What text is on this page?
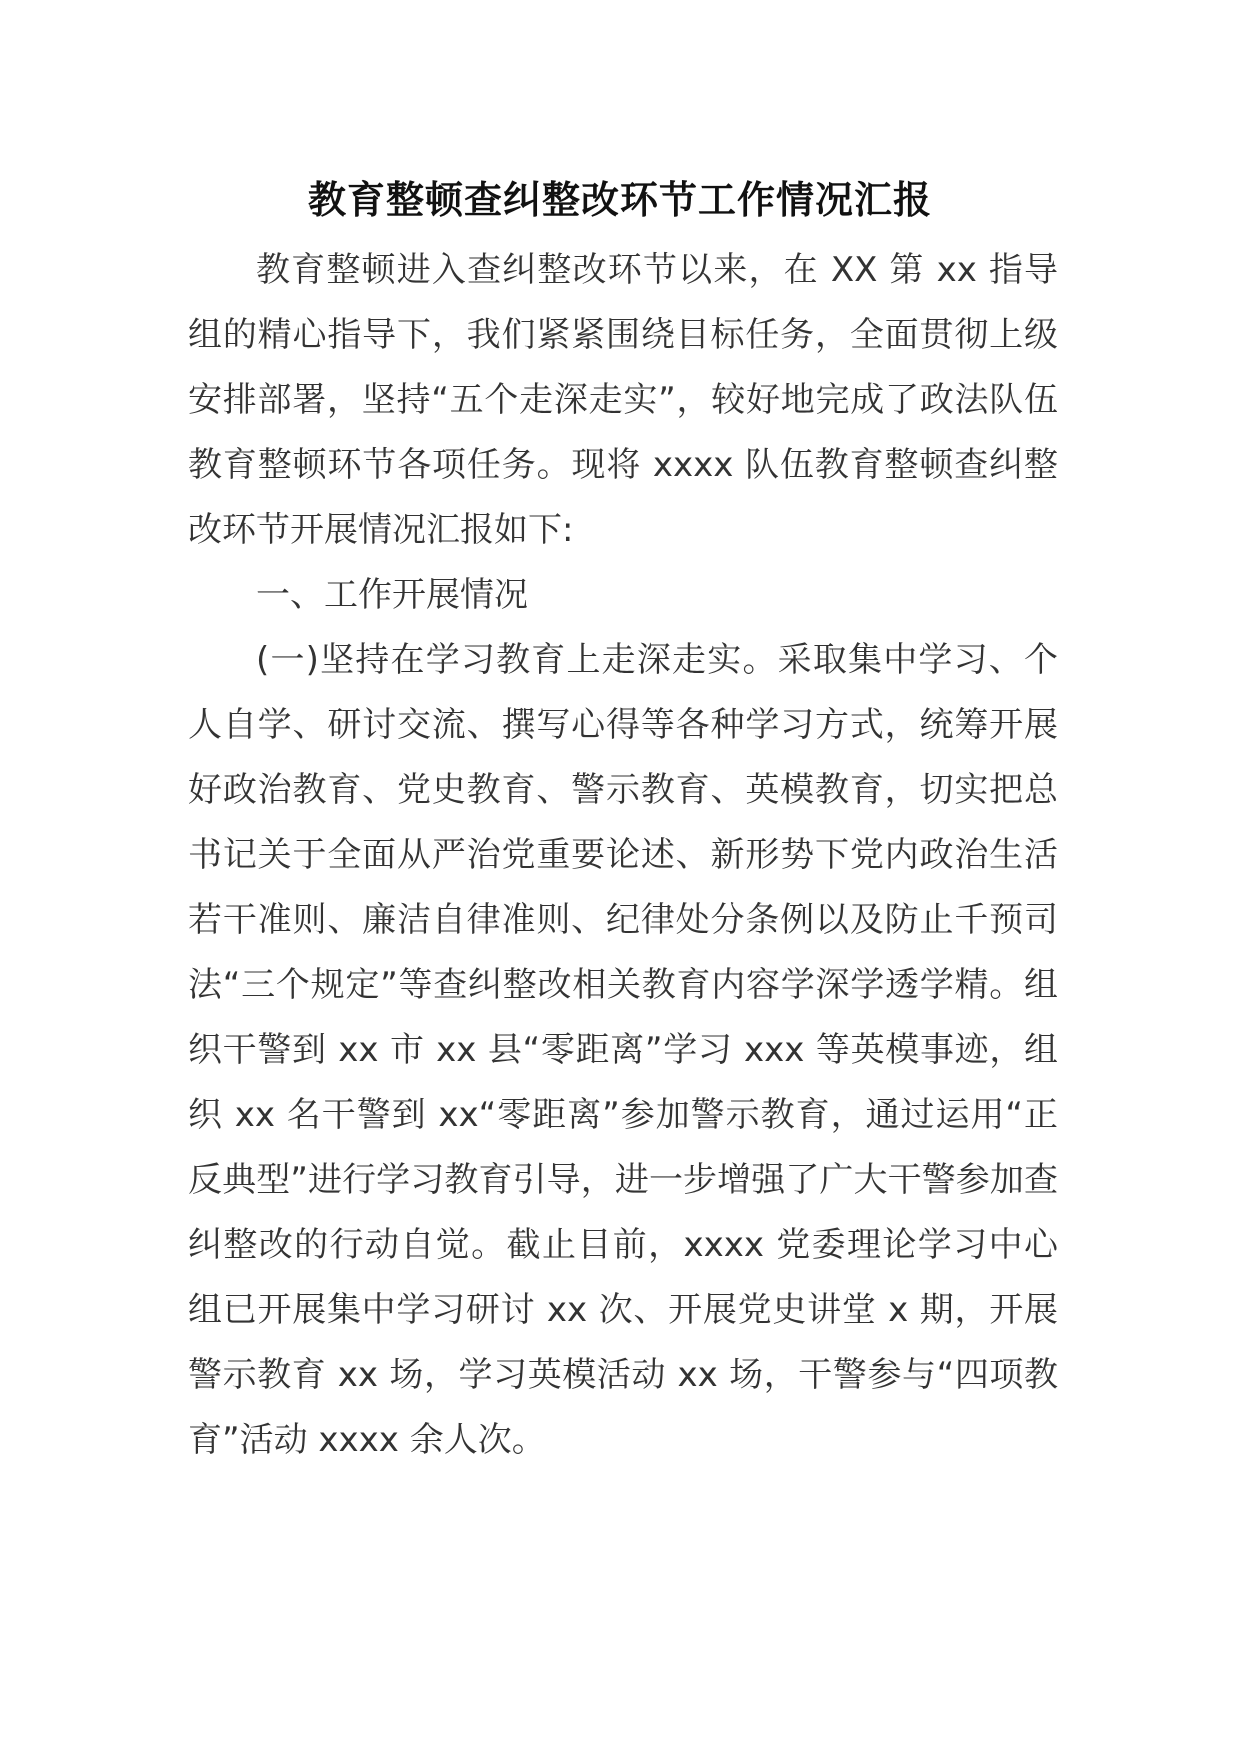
教育整顿查纠整改环节工作情况汇报

教育整顿进入查纠整改环节以来，在 XX 第 xx 指导组的精心指导下，我们紧紧围绕目标任务，全面贯彻上级安排部署，坚持“五个走深走实”，较好地完成了政法队伍教育整顿环节各项任务。现将 xxxx 队伍教育整顿查纠整改环节开展情况汇报如下:

一、工作开展情况

(一)坚持在学习教育上走深走实。采取集中学习、个人自学、研讨交流、撰写心得等各种学习方式，统筹开展好政治教育、党史教育、警示教育、英模教育，切实把总书记关于全面从严治党重要论述、新形势下党内政治生活若干准则、廉洁自律准则、纪律处分条例以及防止千预司法“三个规定”等查纠整改相关教育内容学深学透学精。组织干警到 xx 市 xx 县“零距离”学习 xxx 等英模事迹，组织 xx 名干警到 xx“零距离”参加警示教育，通过运用“正反典型”进行学习教育引导，进一步增强了广大干警参加查纠整改的行动自觉。截止目前，xxxx 党委理论学习中心组已开展集中学习研讨 xx 次、开展党史讲堂 x 期，开展警示教育 xx 场，学习英模活动 xx 场，干警参与“四项教育”活动 xxxx 余人次。
